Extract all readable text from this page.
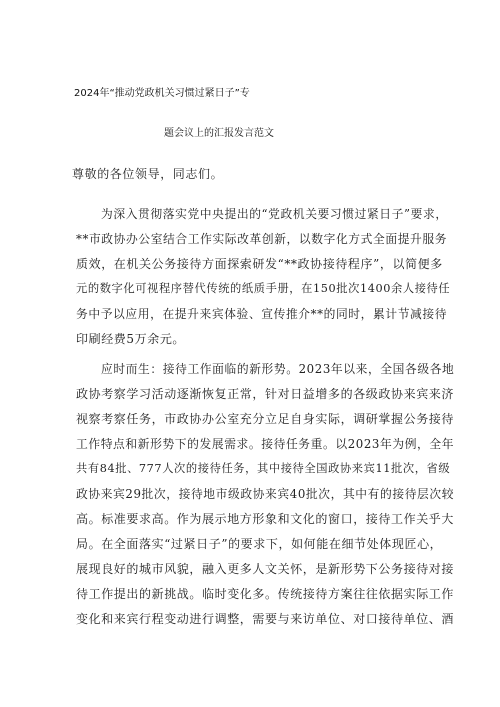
2024年“推动党政机关习惯过紧日子”专
题会议上的汇报发言范文
尊敬的各位领导，同志们。
为深入贯彻落实党中央提出的“党政机关要习惯过紧日子”要求，
**市政协办公室结合工作实际改革创新，以数字化方式全面提升服务
质效，在机关公务接待方面探索研发“**政协接待程序”，以简便多
元的数字化可视程序替代传统的纸质手册，在150批次1400余人接待任
务中予以应用，在提升来宾体验、宣传推介**的同时，累计节减接待
印刷经费5万余元。
应时而生：接待工作面临的新形势。2023年以来，全国各级各地
政协考察学习活动逐渐恢复正常，针对日益增多的各级政协来宾来济
视察考察任务，市政协办公室充分立足自身实际，调研掌握公务接待
工作特点和新形势下的发展需求。接待任务重。以2023年为例，全年
共有84批、777人次的接待任务，其中接待全国政协来宾11批次，省级
政协来宾29批次，接待地市级政协来宾40批次，其中有的接待层次较
高。标准要求高。作为展示地方形象和文化的窗口，接待工作关乎大
局。在全面落实“过紧日子”的要求下，如何能在细节处体现匠心，
展现良好的城市风貌，融入更多人文关怀，是新形势下公务接待对接
待工作提出的新挑战。临时变化多。传统接待方案往往依据实际工作
变化和来宾行程变动进行调整，需要与来访单位、对口接待单位、酒
